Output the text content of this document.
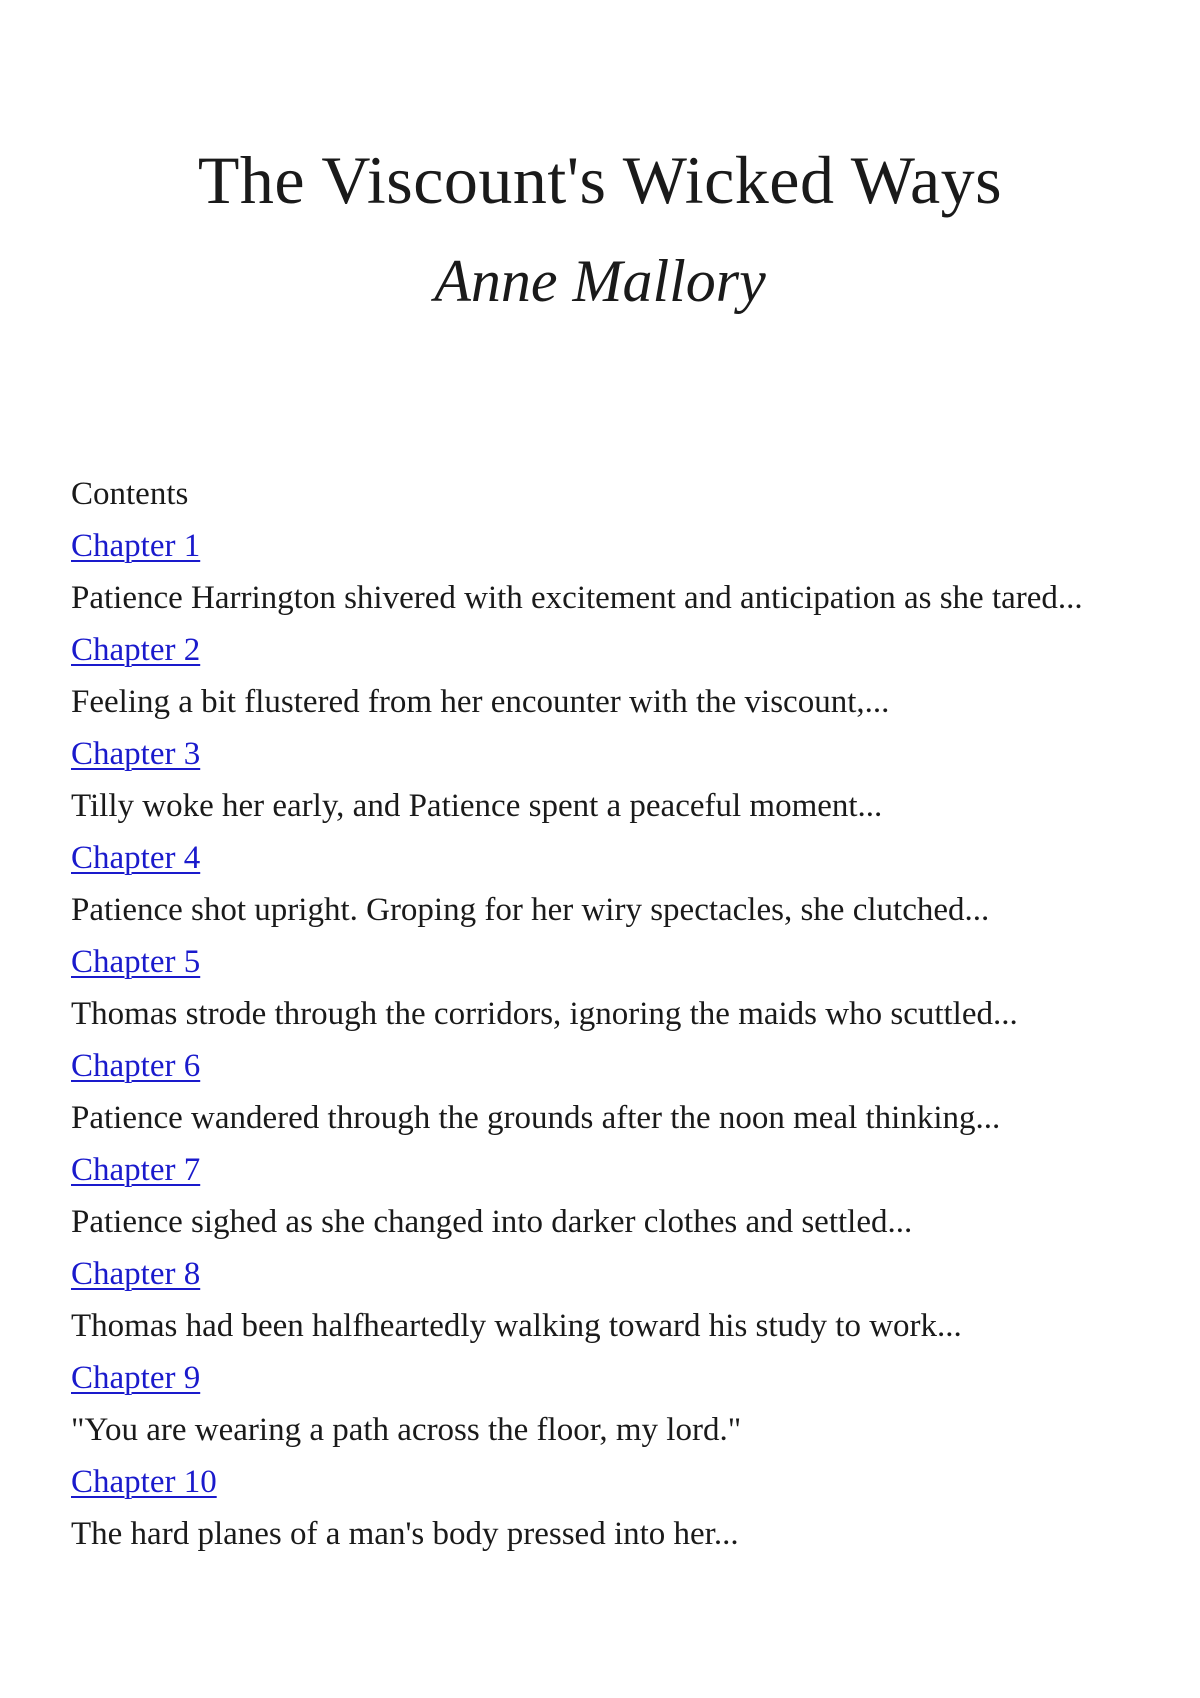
The Viscount's Wicked Ways
Anne Mallory
Contents
Chapter 1
Patience Harrington shivered with excitement and anticipation as she tared...
Chapter 2
Feeling a bit flustered from her encounter with the viscount,...
Chapter 3
Tilly woke her early, and Patience spent a peaceful moment...
Chapter 4
Patience shot upright. Groping for her wiry spectacles, she clutched...
Chapter 5
Thomas strode through the corridors, ignoring the maids who scuttled...
Chapter 6
Patience wandered through the grounds after the noon meal thinking...
Chapter 7
Patience sighed as she changed into darker clothes and settled...
Chapter 8
Thomas had been halfheartedly walking toward his study to work...
Chapter 9
"You are wearing a path across the floor, my lord."
Chapter 10
The hard planes of a man's body pressed into her...
